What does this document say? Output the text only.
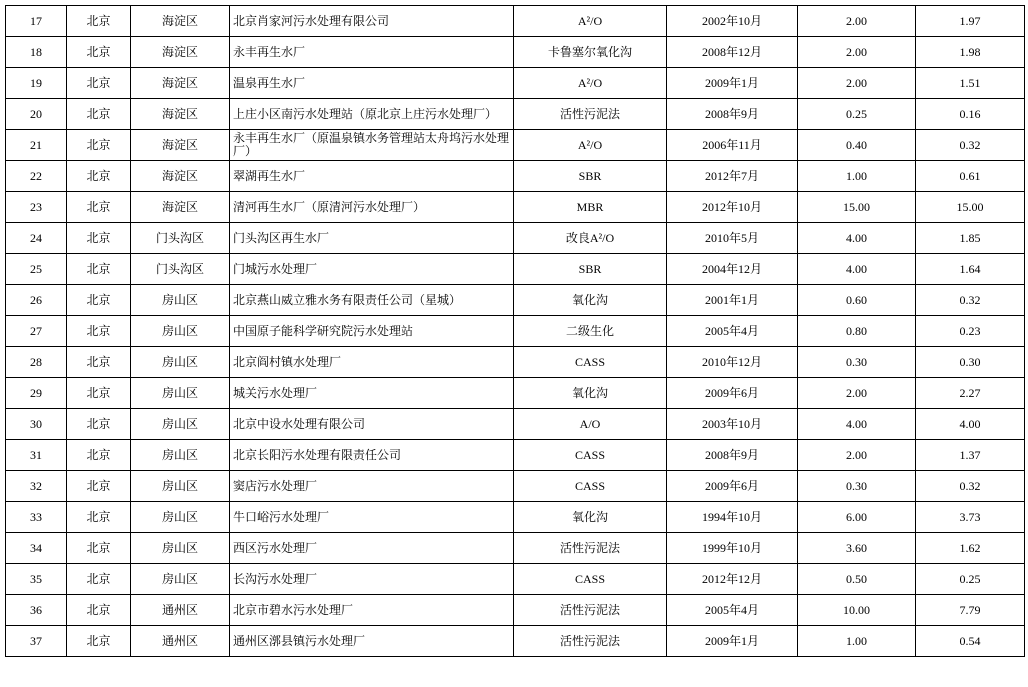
17	北京	海淀区	北京肖家河污水处理有限公司	A²/O	2002年10月	2.00	1.97
18	北京	海淀区	永丰再生水厂	卡鲁塞尔氧化沟	2008年12月	2.00	1.98
19	北京	海淀区	温泉再生水厂	A²/O	2009年1月	2.00	1.51
20	北京	海淀区	上庄小区南污水处理站（原北京上庄污水处理厂）	活性污泥法	2008年9月	0.25	0.16
21	北京	海淀区	永丰再生水厂（原温泉镇水务管理站太舟坞污水处理厂）	A²/O	2006年11月	0.40	0.32
22	北京	海淀区	翠湖再生水厂	SBR	2012年7月	1.00	0.61
23	北京	海淀区	清河再生水厂（原清河污水处理厂）	MBR	2012年10月	15.00	15.00
24	北京	门头沟区	门头沟区再生水厂	改良A²/O	2010年5月	4.00	1.85
25	北京	门头沟区	门城污水处理厂	SBR	2004年12月	4.00	1.64
26	北京	房山区	北京燕山威立雅水务有限责任公司（星城）	氧化沟	2001年1月	0.60	0.32
27	北京	房山区	中国原子能科学研究院污水处理站	二级生化	2005年4月	0.80	0.23
28	北京	房山区	北京阎村镇水处理厂	CASS	2010年12月	0.30	0.30
29	北京	房山区	城关污水处理厂	氧化沟	2009年6月	2.00	2.27
30	北京	房山区	北京中设水处理有限公司	A/O	2003年10月	4.00	4.00
31	北京	房山区	北京长阳污水处理有限责任公司	CASS	2008年9月	2.00	1.37
32	北京	房山区	窦店污水处理厂	CASS	2009年6月	0.30	0.32
33	北京	房山区	牛口峪污水处理厂	氧化沟	1994年10月	6.00	3.73
34	北京	房山区	西区污水处理厂	活性污泥法	1999年10月	3.60	1.62
35	北京	房山区	长沟污水处理厂	CASS	2012年12月	0.50	0.25
36	北京	通州区	北京市碧水污水处理厂	活性污泥法	2005年4月	10.00	7.79
37	北京	通州区	通州区漷县镇污水处理厂	活性污泥法	2009年1月	1.00	0.54
